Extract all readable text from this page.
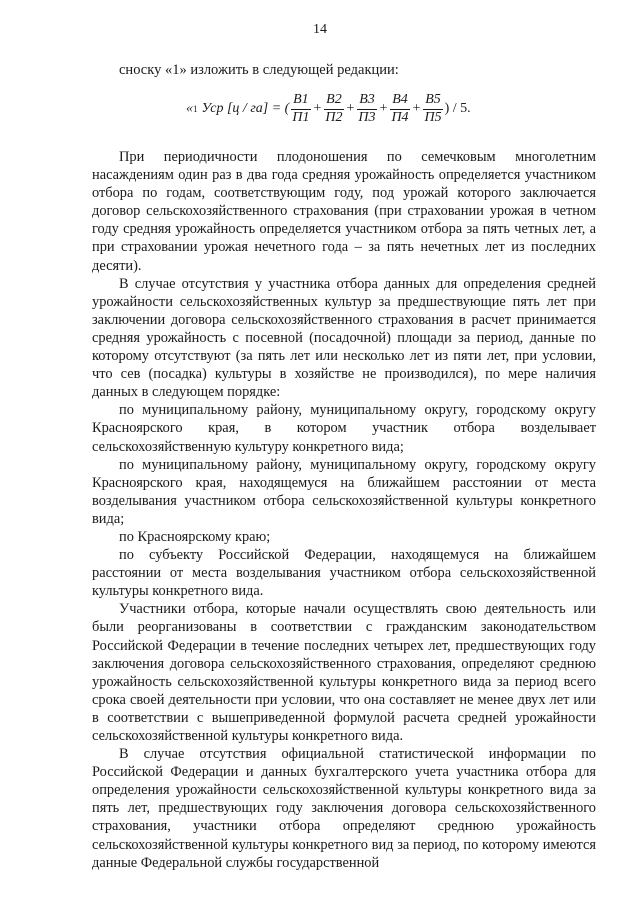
14
сноску «1» изложить в следующей редакции:
« 1 Уср [ц / га] = ( $\frac{В1}{П1} + \frac{В2}{П2} + \frac{В3}{П3} + \frac{В4}{П4} + \frac{В5}{П5}$ ) / 5.

При периодичности плодоношения по семечковым многолетним насаждениям один раз в два года средняя урожайность определяется участником отбора по годам, соответствующим году, под урожай которого заключается договор сельскохозяйственного страхования (при страховании урожая в четном году средняя урожайность определяется участником отбора за пять четных лет, а при страховании урожая нечетного года – за пять нечетных лет из последних десяти).

В случае отсутствия у участника отбора данных для определения средней урожайности сельскохозяйственных культур за предшествующие пять лет при заключении договора сельскохозяйственного страхования в расчет принимается средняя урожайность с посевной (посадочной) площади за период, данные по которому отсутствуют (за пять лет или несколько лет из пяти лет, при условии, что сев (посадка) культуры в хозяйстве не производился), по мере наличия данных в следующем порядке:

по муниципальному району, муниципальному округу, городскому округу Красноярского края, в котором участник отбора возделывает сельскохозяйственную культуру конкретного вида;

по муниципальному району, муниципальному округу, городскому округу Красноярского края, находящемуся на ближайшем расстоянии от места возделывания участником отбора сельскохозяйственной культуры конкретного вида;

по Красноярскому краю;

по субъекту Российской Федерации, находящемуся на ближайшем расстоянии от места возделывания участником отбора сельскохозяйственной культуры конкретного вида.

Участники отбора, которые начали осуществлять свою деятельность или были реорганизованы в соответствии с гражданским законодательством Российской Федерации в течение последних четырех лет, предшествующих году заключения договора сельскохозяйственного страхования, определяют среднюю урожайность сельскохозяйственной культуры конкретного вида за период всего срока своей деятельности при условии, что она составляет не менее двух лет или в соответствии с вышеприведенной формулой расчета средней урожайности сельскохозяйственной культуры конкретного вида.

В случае отсутствия официальной статистической информации по Российской Федерации и данных бухгалтерского учета участника отбора для определения урожайности сельскохозяйственной культуры конкретного вида за пять лет, предшествующих году заключения договора сельскохозяйственного страхования, участники отбора определяют среднюю урожайность сельскохозяйственной культуры конкретного вид за период, по которому имеются данные Федеральной службы государственной
